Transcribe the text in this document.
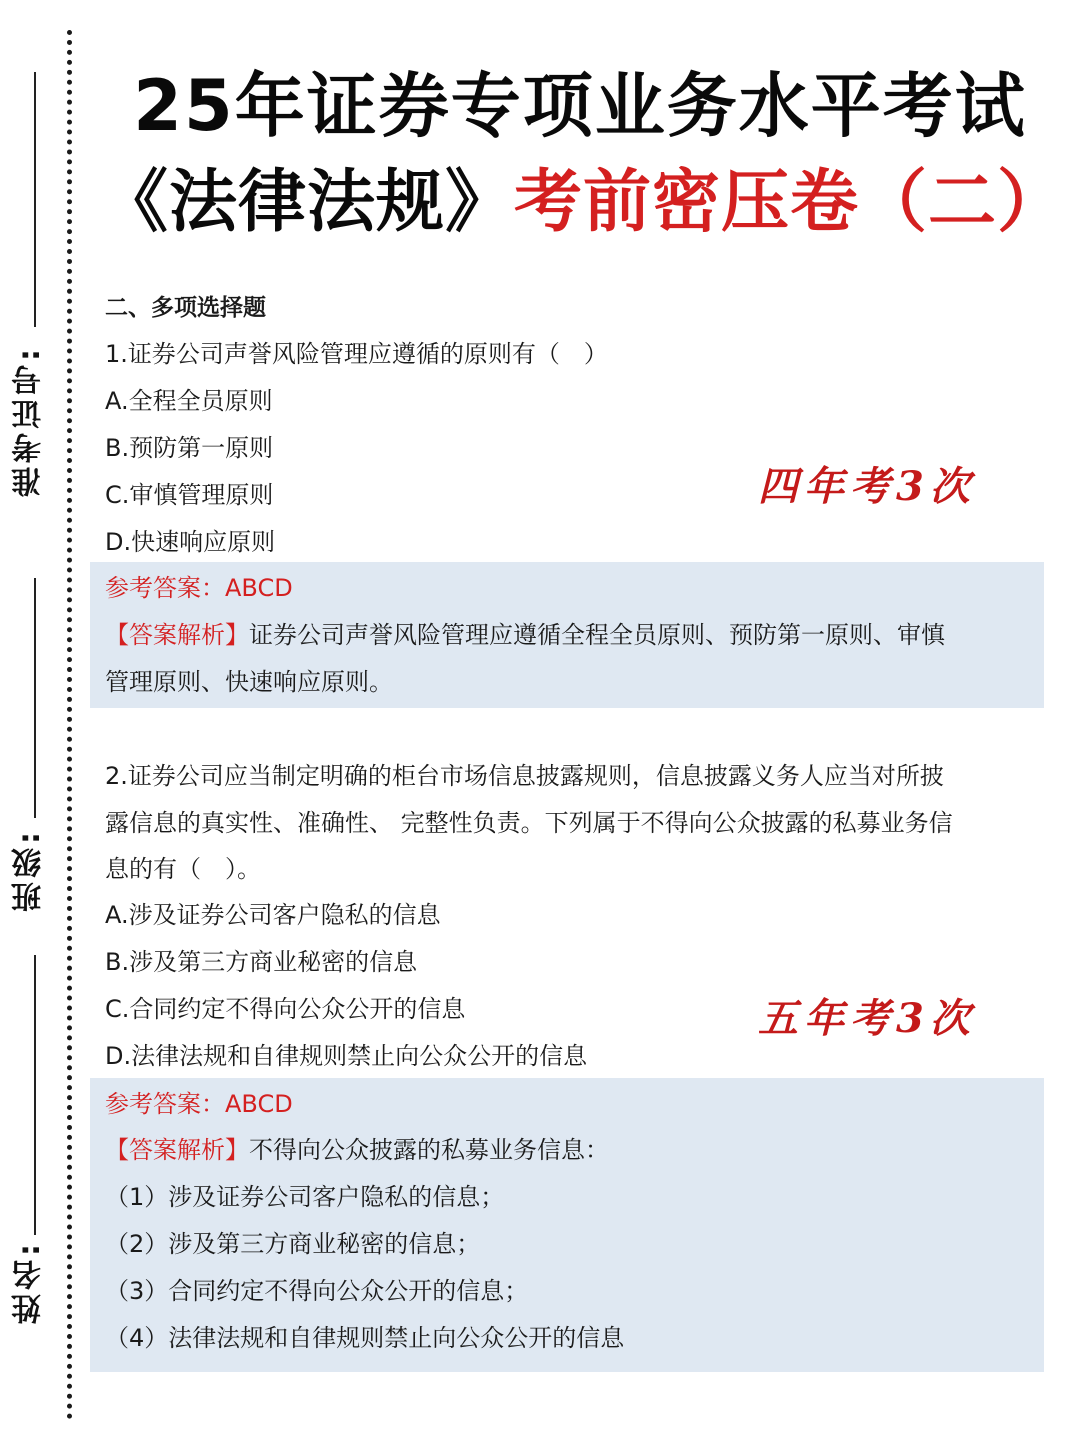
准考证号:
班级:
姓名:
25年证券专项业务水平考试
《法律法规》考前密压卷（二）
二、多项选择题
1.证券公司声誉风险管理应遵循的原则有（　）
A.全程全员原则
B.预防第一原则
C.审慎管理原则
D.快速响应原则
四年考3次
参考答案：ABCD
【答案解析】证券公司声誉风险管理应遵循全程全员原则、预防第一原则、审慎
管理原则、快速响应原则。
2.证券公司应当制定明确的柜台市场信息披露规则，信息披露义务人应当对所披
露信息的真实性、准确性、 完整性负责。下列属于不得向公众披露的私募业务信
息的有（　）。
A.涉及证券公司客户隐私的信息
B.涉及第三方商业秘密的信息
C.合同约定不得向公众公开的信息
D.法律法规和自律规则禁止向公众公开的信息
五年考3次
参考答案：ABCD
【答案解析】不得向公众披露的私募业务信息：
（1）涉及证券公司客户隐私的信息；
（2）涉及第三方商业秘密的信息；
（3）合同约定不得向公众公开的信息；
（4）法律法规和自律规则禁止向公众公开的信息
